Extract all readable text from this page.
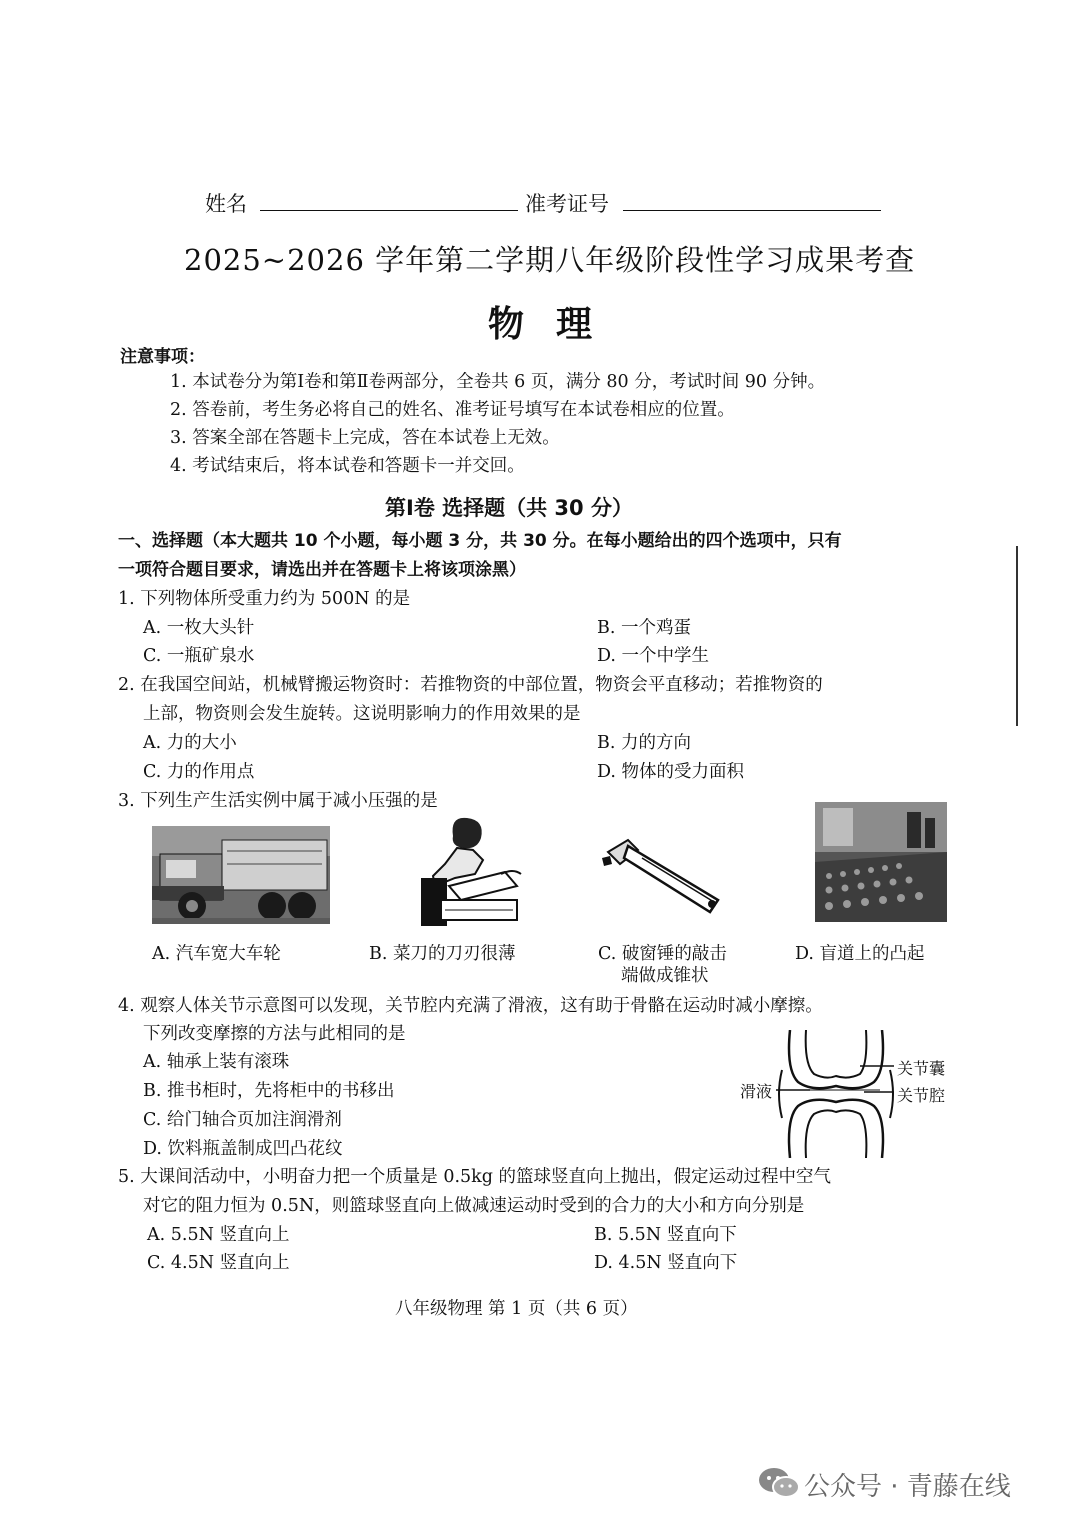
姓名	准考证号
2025~2026 学年第二学期八年级阶段性学习成果考查
物理
注意事项：
1. 本试卷分为第Ⅰ卷和第Ⅱ卷两部分，全卷共 6 页，满分 80 分，考试时间 90 分钟。
2. 答卷前，考生务必将自己的姓名、准考证号填写在本试卷相应的位置。
3. 答案全部在答题卡上完成，答在本试卷上无效。
4. 考试结束后，将本试卷和答题卡一并交回。
第Ⅰ卷 选择题（共 30 分）
一、选择题（本大题共 10 个小题，每小题 3 分，共 30 分。在每小题给出的四个选项中，只有
一项符合题目要求，请选出并在答题卡上将该项涂黑）
1. 下列物体所受重力约为 500N 的是
A. 一枚大头针	B. 一个鸡蛋
C. 一瓶矿泉水	D. 一个中学生
2. 在我国空间站，机械臂搬运物资时：若推物资的中部位置，物资会平直移动；若推物资的
上部，物资则会发生旋转。这说明影响力的作用效果的是
A. 力的大小	B. 力的方向
C. 力的作用点	D. 物体的受力面积
3. 下列生产生活实例中属于减小压强的是
A. 汽车宽大车轮	B. 菜刀的刀刃很薄	C. 破窗锤的敲击
端做成锥状
D. 盲道上的凸起
4. 观察人体关节示意图可以发现，关节腔内充满了滑液，这有助于骨骼在运动时减小摩擦。
下列改变摩擦的方法与此相同的是
A. 轴承上装有滚珠
B. 推书柜时，先将柜中的书移出
C. 给门轴合页加注润滑剂
D. 饮料瓶盖制成凹凸花纹
关节囊
关节腔
滑液
5. 大课间活动中，小明奋力把一个质量是 0.5kg 的篮球竖直向上抛出，假定运动过程中空气
对它的阻力恒为 0.5N，则篮球竖直向上做减速运动时受到的合力的大小和方向分别是
A. 5.5N 竖直向上	B. 5.5N 竖直向下
C. 4.5N 竖直向上	D. 4.5N 竖直向下
八年级物理 第 1 页（共 6 页）
公众号 · 青藤在线
